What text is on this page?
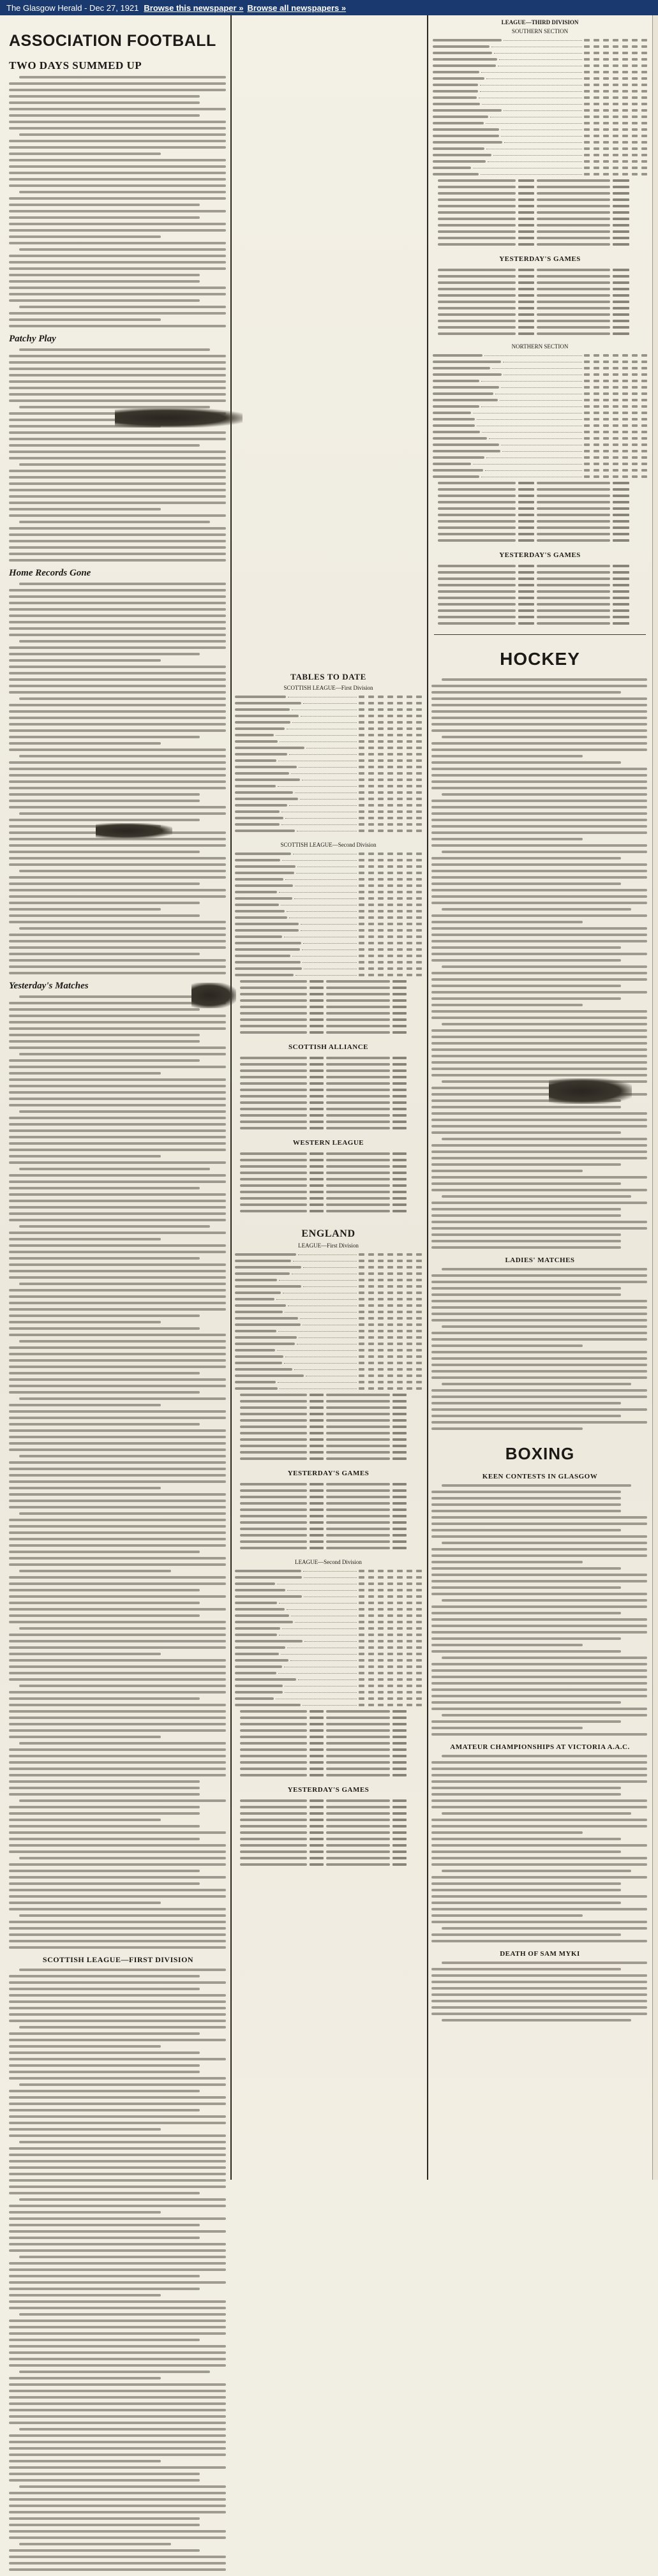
The Glasgow Herald - Dec 27, 1921 Browse this newspaper » Browse all newspapers »
ASSOCIATION FOOTBALL
TWO DAYS SUMMED UP
Patchy Play
Home Records Gone
Yesterday's Matches
SCOTTISH LEAGUE—FIRST DIVISION
TABLES TO DATE
SCOTTISH LEAGUE—First Division
SCOTTISH LEAGUE—Second Division
SCOTTISH ALLIANCE
WESTERN LEAGUE
ENGLAND
LEAGUE—First Division
YESTERDAY'S GAMES
LEAGUE—Second Division
YESTERDAY'S GAMES
LEAGUE—THIRD DIVISION
SOUTHERN SECTION
YESTERDAY'S GAMES
NORTHERN SECTION
YESTERDAY'S GAMES
HOCKEY
LADIES' MATCHES
BOXING
KEEN CONTESTS IN GLASGOW
AMATEUR CHAMPIONSHIPS AT VICTORIA A.A.C.
DEATH OF SAM MYKI
